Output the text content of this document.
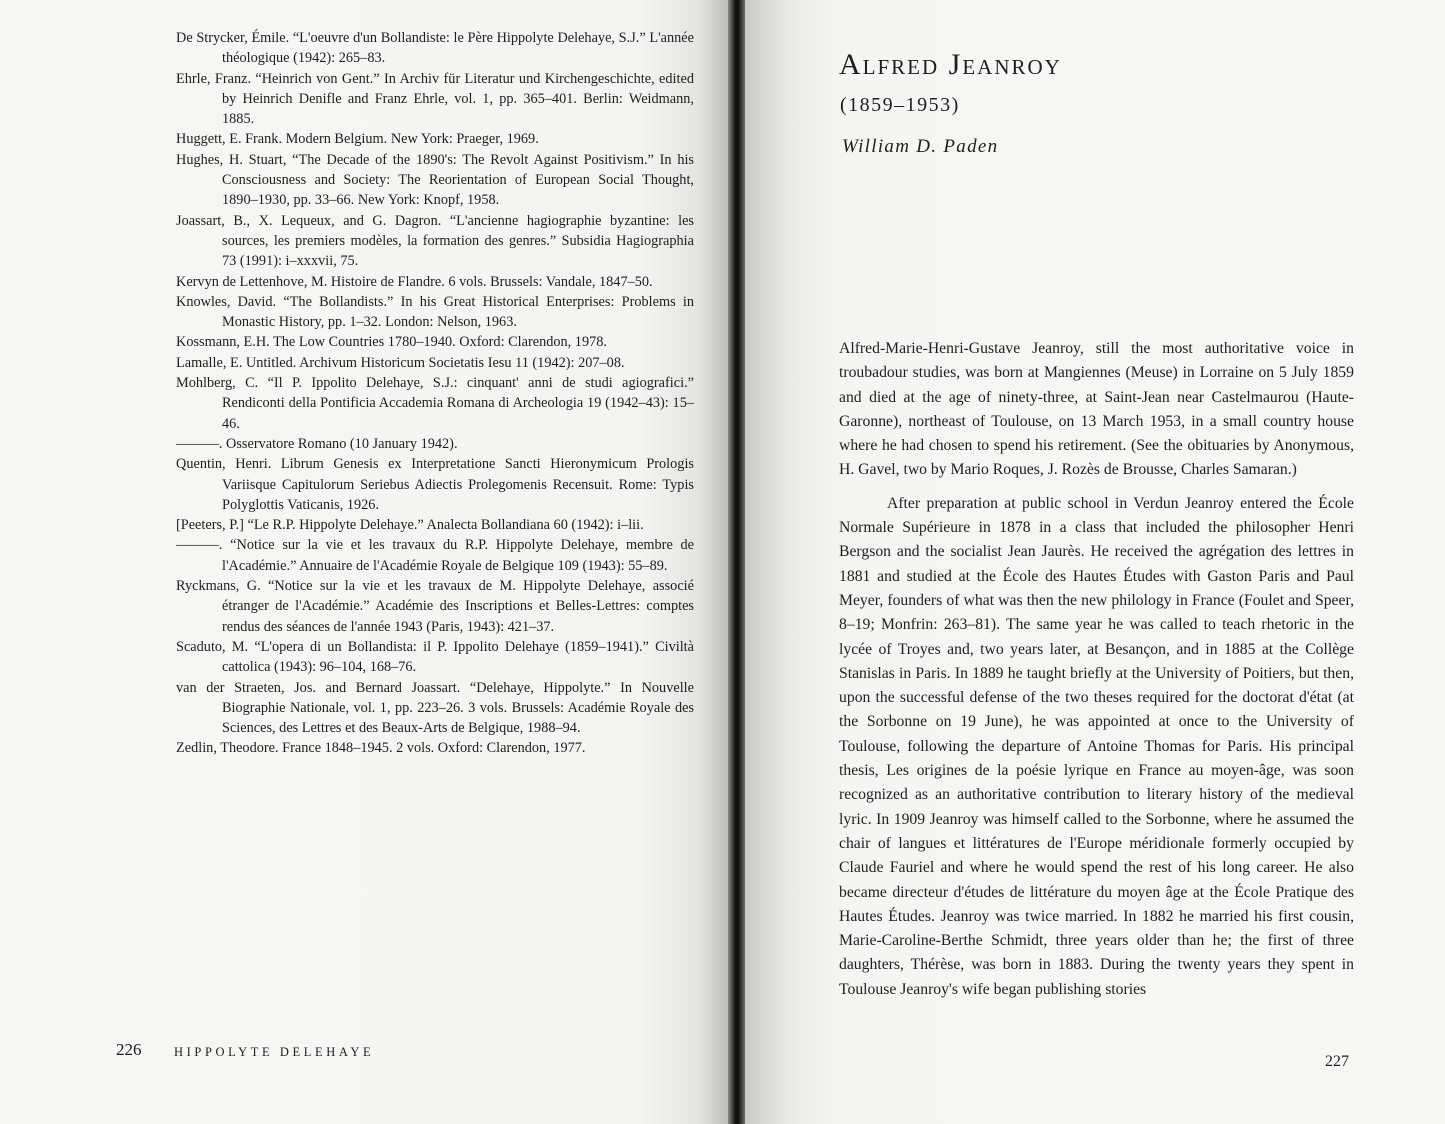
De Strycker, Émile. “L'oeuvre d'un Bollandiste: le Père Hippolyte Delehaye, S.J.” L'année théologique (1942): 265–83.
Ehrle, Franz. “Heinrich von Gent.” In Archiv für Literatur und Kirchengeschichte, edited by Heinrich Denifle and Franz Ehrle, vol. 1, pp. 365–401. Berlin: Weidmann, 1885.
Huggett, E. Frank. Modern Belgium. New York: Praeger, 1969.
Hughes, H. Stuart, “The Decade of the 1890's: The Revolt Against Positivism.” In his Consciousness and Society: The Reorientation of European Social Thought, 1890–1930, pp. 33–66. New York: Knopf, 1958.
Joassart, B., X. Lequeux, and G. Dagron. “L'ancienne hagiographie byzantine: les sources, les premiers modèles, la formation des genres.” Subsidia Hagiographia 73 (1991): i–xxxvii, 75.
Kervyn de Lettenhove, M. Histoire de Flandre. 6 vols. Brussels: Vandale, 1847–50.
Knowles, David. “The Bollandists.” In his Great Historical Enterprises: Problems in Monastic History, pp. 1–32. London: Nelson, 1963.
Kossmann, E.H. The Low Countries 1780–1940. Oxford: Clarendon, 1978.
Lamalle, E. Untitled. Archivum Historicum Societatis Iesu 11 (1942): 207–08.
Mohlberg, C. “Il P. Ippolito Delehaye, S.J.: cinquant' anni de studi agiografici.” Rendiconti della Pontificia Accademia Romana di Archeologia 19 (1942–43): 15–46.
———. Osservatore Romano (10 January 1942).
Quentin, Henri. Librum Genesis ex Interpretatione Sancti Hieronymicum Prologis Variisque Capitulorum Seriebus Adiectis Prolegomenis Recensuit. Rome: Typis Polyglottis Vaticanis, 1926.
[Peeters, P.] “Le R.P. Hippolyte Delehaye.” Analecta Bollandiana 60 (1942): i–lii.
———. “Notice sur la vie et les travaux du R.P. Hippolyte Delehaye, membre de l'Académie.” Annuaire de l'Académie Royale de Belgique 109 (1943): 55–89.
Ryckmans, G. “Notice sur la vie et les travaux de M. Hippolyte Delehaye, associé étranger de l'Académie.” Académie des Inscriptions et Belles-Lettres: comptes rendus des séances de l'année 1943 (Paris, 1943): 421–37.
Scaduto, M. “L'opera di un Bollandista: il P. Ippolito Delehaye (1859–1941).” Civiltà cattolica (1943): 96–104, 168–76.
van der Straeten, Jos. and Bernard Joassart. “Delehaye, Hippolyte.” In Nouvelle Biographie Nationale, vol. 1, pp. 223–26. 3 vols. Brussels: Académie Royale des Sciences, des Lettres et des Beaux-Arts de Belgique, 1988–94.
Zedlin, Theodore. France 1848–1945. 2 vols. Oxford: Clarendon, 1977.
226	HIPPOLYTE DELEHAYE
Alfred Jeanroy
(1859–1953)
William D. Paden

Alfred-Marie-Henri-Gustave Jeanroy, still the most authoritative voice in troubadour studies, was born at Mangiennes (Meuse) in Lorraine on 5 July 1859 and died at the age of ninety-three, at Saint-Jean near Castelmaurou (Haute-Garonne), northeast of Toulouse, on 13 March 1953, in a small country house where he had chosen to spend his retirement. (See the obituaries by Anonymous, H. Gavel, two by Mario Roques, J. Rozès de Brousse, Charles Samaran.)

After preparation at public school in Verdun Jeanroy entered the École Normale Supérieure in 1878 in a class that included the philosopher Henri Bergson and the socialist Jean Jaurès. He received the agrégation des lettres in 1881 and studied at the École des Hautes Études with Gaston Paris and Paul Meyer, founders of what was then the new philology in France (Foulet and Speer, 8–19; Monfrin: 263–81). The same year he was called to teach rhetoric in the lycée of Troyes and, two years later, at Besançon, and in 1885 at the Collège Stanislas in Paris. In 1889 he taught briefly at the University of Poitiers, but then, upon the successful defense of the two theses required for the doctorat d'état (at the Sorbonne on 19 June), he was appointed at once to the University of Toulouse, following the departure of Antoine Thomas for Paris. His principal thesis, Les origines de la poésie lyrique en France au moyen-âge, was soon recognized as an authoritative contribution to literary history of the medieval lyric. In 1909 Jeanroy was himself called to the Sorbonne, where he assumed the chair of langues et littératures de l'Europe méridionale formerly occupied by Claude Fauriel and where he would spend the rest of his long career. He also became directeur d'études de littérature du moyen âge at the École Pratique des Hautes Études. Jeanroy was twice married. In 1882 he married his first cousin, Marie-Caroline-Berthe Schmidt, three years older than he; the first of three daughters, Thérèse, was born in 1883. During the twenty years they spent in Toulouse Jeanroy's wife began publishing stories

227
